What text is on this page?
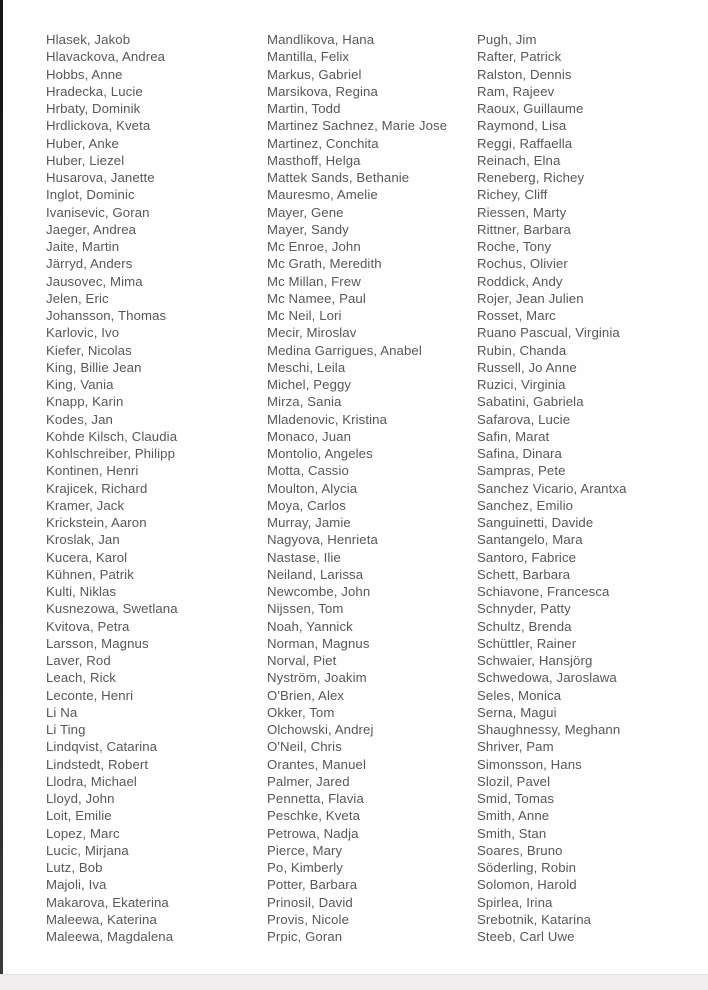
Hlasek, Jakob
Hlavackova, Andrea
Hobbs, Anne
Hradecka, Lucie
Hrbaty, Dominik
Hrdlickova, Kveta
Huber, Anke
Huber, Liezel
Husarova, Janette
Inglot, Dominic
Ivanisevic, Goran
Jaeger, Andrea
Jaite, Martin
Järryd, Anders
Jausovec, Mima
Jelen, Eric
Johansson, Thomas
Karlovic, Ivo
Kiefer, Nicolas
King, Billie Jean
King, Vania
Knapp, Karin
Kodes, Jan
Kohde Kilsch, Claudia
Kohlschreiber, Philipp
Kontinen, Henri
Krajicek, Richard
Kramer, Jack
Krickstein, Aaron
Kroslak, Jan
Kucera, Karol
Kühnen, Patrik
Kulti, Niklas
Kusnezowa, Swetlana
Kvitova, Petra
Larsson, Magnus
Laver, Rod
Leach, Rick
Leconte, Henri
Li Na
Li Ting
Lindqvist, Catarina
Lindstedt, Robert
Llodra, Michael
Lloyd, John
Loit, Emilie
Lopez, Marc
Lucic, Mirjana
Lutz, Bob
Majoli, Iva
Makarova, Ekaterina
Maleewa, Katerina
Maleewa, Magdalena
Mandlikova, Hana
Mantilla, Felix
Markus, Gabriel
Marsikova, Regina
Martin, Todd
Martinez Sachnez, Marie Jose
Martinez, Conchita
Masthoff, Helga
Mattek Sands, Bethanie
Mauresmo, Amelie
Mayer, Gene
Mayer, Sandy
Mc Enroe, John
Mc Grath, Meredith
Mc Millan, Frew
Mc Namee, Paul
Mc Neil, Lori
Mecir, Miroslav
Medina Garrigues, Anabel
Meschi, Leila
Michel, Peggy
Mirza, Sania
Mladenovic, Kristina
Monaco, Juan
Montolio, Angeles
Motta, Cassio
Moulton, Alycia
Moya, Carlos
Murray, Jamie
Nagyova, Henrieta
Nastase, Ilie
Neiland, Larissa
Newcombe, John
Nijssen, Tom
Noah, Yannick
Norman, Magnus
Norval, Piet
Nyström, Joakim
O'Brien, Alex
Okker, Tom
Olchowski, Andrej
O'Neil, Chris
Orantes, Manuel
Palmer, Jared
Pennetta, Flavia
Peschke, Kveta
Petrowa, Nadja
Pierce, Mary
Po, Kimberly
Potter, Barbara
Prinosil, David
Provis, Nicole
Prpic, Goran
Pugh, Jim
Rafter, Patrick
Ralston, Dennis
Ram, Rajeev
Raoux, Guillaume
Raymond, Lisa
Reggi, Raffaella
Reinach, Elna
Reneberg, Richey
Richey, Cliff
Riessen, Marty
Rittner, Barbara
Roche, Tony
Rochus, Olivier
Roddick, Andy
Rojer, Jean Julien
Rosset, Marc
Ruano Pascual, Virginia
Rubin, Chanda
Russell, Jo Anne
Ruzici, Virginia
Sabatini, Gabriela
Safarova, Lucie
Safin, Marat
Safina, Dinara
Sampras, Pete
Sanchez Vicario, Arantxa
Sanchez, Emilio
Sanguinetti, Davide
Santangelo, Mara
Santoro, Fabrice
Schett, Barbara
Schiavone, Francesca
Schnyder, Patty
Schultz, Brenda
Schüttler, Rainer
Schwaier, Hansjörg
Schwedowa, Jaroslawa
Seles, Monica
Serna, Magui
Shaughnessy, Meghann
Shriver, Pam
Simonsson, Hans
Slozil, Pavel
Smid, Tomas
Smith, Anne
Smith, Stan
Soares, Bruno
Söderling, Robin
Solomon, Harold
Spirlea, Irina
Srebotnik, Katarina
Steeb, Carl Uwe
